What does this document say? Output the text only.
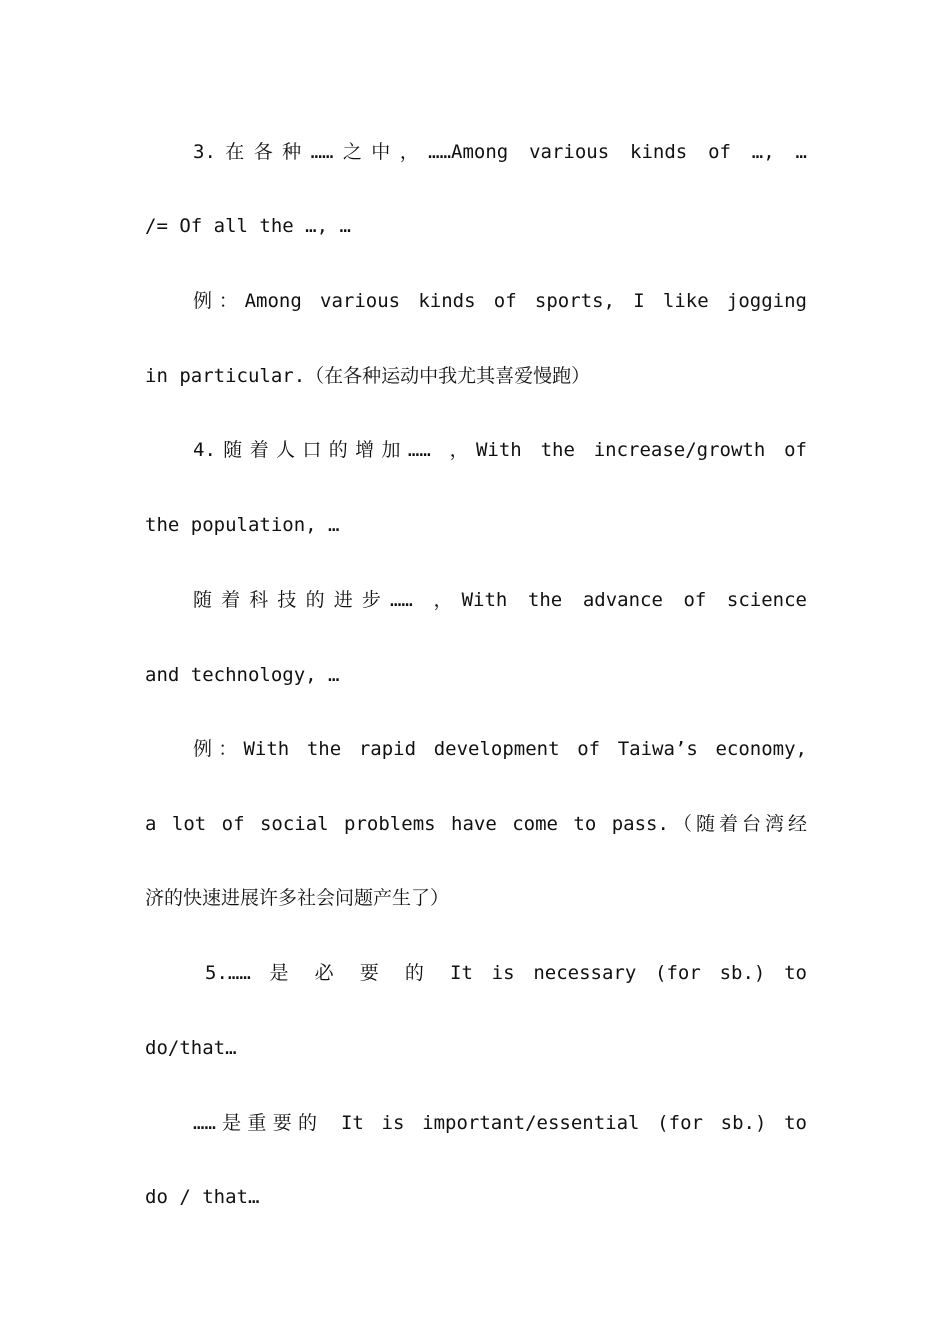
3.在各种……之中，……Among various kinds of …, …
/= Of all the …, …
例：Among various kinds of sports, I like jogging
in particular.（在各种运动中我尤其喜爱慢跑）
4.随着人口的增加…… ，With the increase/growth of
the population, …
随着科技的进步…… ，With the advance of science
and technology, …
例：With the rapid development of Taiwa’s economy,
a lot of social problems have come to pass.（随着台湾经
济的快速进展许多社会问题产生了）
5.…… 是 必 要 的 It is necessary (for sb.) to
do/that…
……是重要的 It is important/essential (for sb.) to
do / that…
